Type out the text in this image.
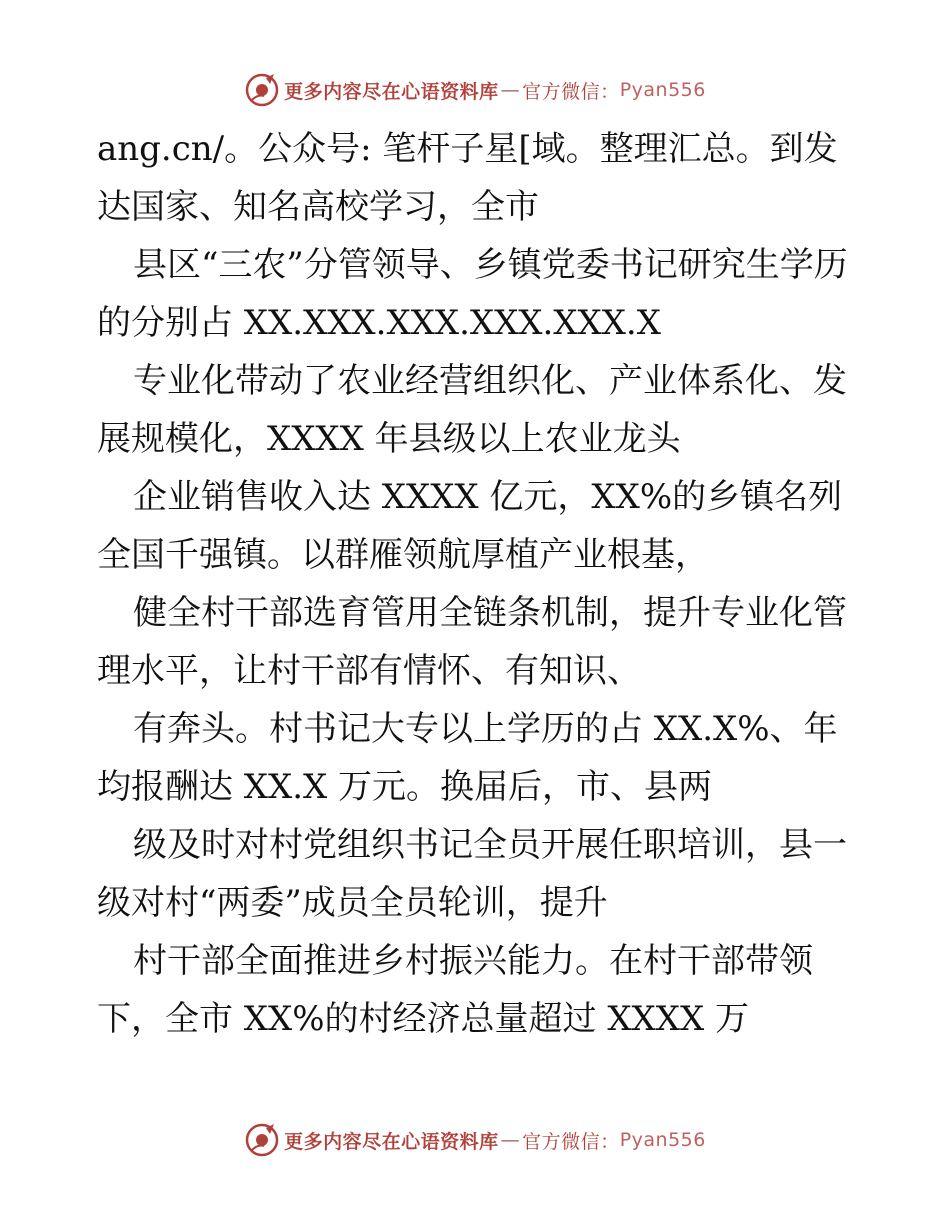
更多内容尽在心语资料库 — 官方微信： Pyan556

ang.cn/。公众号: 笔杆子星[域。整理汇总。到发达国家、知名高校学习，全市

县区“三农”分管领导、乡镇党委书记研究生学历的分别占 XX.XXX.XXX.XXX.XXX.X

专业化带动了农业经营组织化、产业体系化、发展规模化，XXXX 年县级以上农业龙头

企业销售收入达 XXXX 亿元，XX%的乡镇名列全国千强镇。以群雁领航厚植产业根基，

健全村干部选育管用全链条机制，提升专业化管理水平，让村干部有情怀、有知识、

有奔头。村书记大专以上学历的占 XX.X%、年均报酬达 XX.X 万元。换届后，市、县两

级及时对村党组织书记全员开展任职培训，县一级对村“两委”成员全员轮训，提升

村干部全面推进乡村振兴能力。在村干部带领下，全市 XX%的村经济总量超过 XXXX 万

更多内容尽在心语资料库 — 官方微信： Pyan556
